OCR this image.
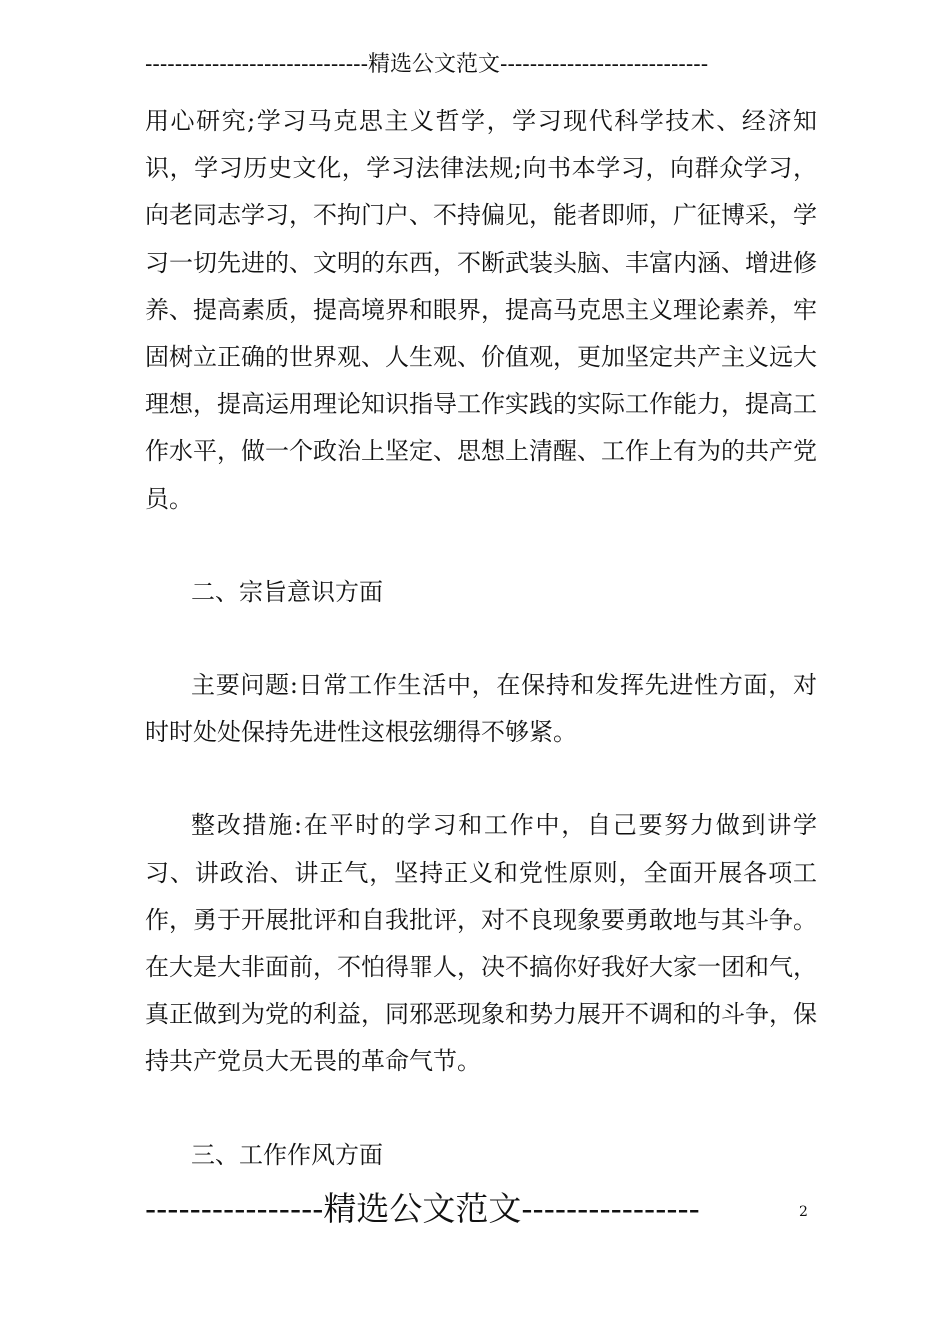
------------------------------精选公文范文----------------------------

用心研究;学习马克思主义哲学，学习现代科学技术、经济知识，学习历史文化，学习法律法规;向书本学习，向群众学习，向老同志学习，不拘门户、不持偏见，能者即师，广征博采，学习一切先进的、文明的东西，不断武装头脑、丰富内涵、增进修养、提高素质，提高境界和眼界，提高马克思主义理论素养，牢固树立正确的世界观、人生观、价值观，更加坚定共产主义远大理想，提高运用理论知识指导工作实践的实际工作能力，提高工作水平，做一个政治上坚定、思想上清醒、工作上有为的共产党员。

二、宗旨意识方面

主要问题:日常工作生活中，在保持和发挥先进性方面，对时时处处保持先进性这根弦绷得不够紧。

整改措施:在平时的学习和工作中，自己要努力做到讲学习、讲政治、讲正气，坚持正义和党性原则，全面开展各项工作，勇于开展批评和自我批评，对不良现象要勇敢地与其斗争。在大是大非面前，不怕得罪人，决不搞你好我好大家一团和气，真正做到为党的利益，同邪恶现象和势力展开不调和的斗争，保持共产党员大无畏的革命气节。

三、工作作风方面

----------------精选公文范文----------------	2
